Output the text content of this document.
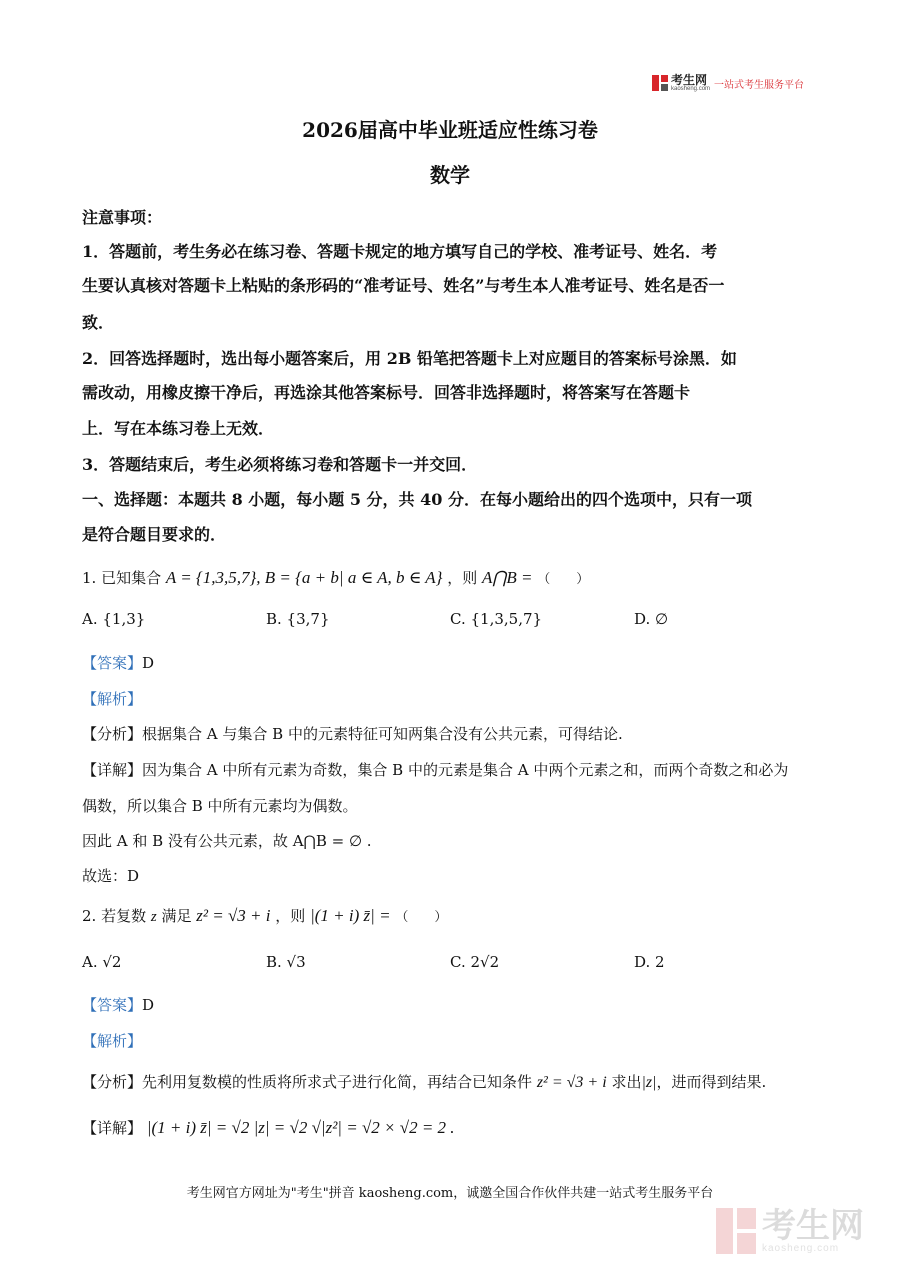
考生网
kaosheng.com 一站式考生服务平台
2026届高中毕业班适应性练习卷
数学
注意事项：
1．答题前，考生务必在练习卷、答题卡规定的地方填写自己的学校、准考证号、姓名．考
生要认真核对答题卡上粘贴的条形码的“准考证号、姓名”与考生本人准考证号、姓名是否一
致．
2．回答选择题时，选出每小题答案后，用 2B 铅笔把答题卡上对应题目的答案标号涂黑．如
需改动，用橡皮擦干净后，再选涂其他答案标号．回答非选择题时，将答案写在答题卡
上．写在本练习卷上无效．
3．答题结束后，考生必须将练习卷和答题卡一并交回．
一、选择题：本题共 8 小题，每小题 5 分，共 40 分．在每小题给出的四个选项中，只有一项
是符合题目要求的．
1. 已知集合 A = {1,3,5,7}, B = {a + b| a ∈ A, b ∈ A} ，则 A⋂B = （　　）
A. {1,3}	B. {3,7}	C. {1,3,5,7}	D. ∅
【答案】D
【解析】
【分析】根据集合 A 与集合 B 中的元素特征可知两集合没有公共元素，可得结论.
【详解】因为集合 A 中所有元素为奇数，集合 B 中的元素是集合 A 中两个元素之和，而两个奇数之和必为
偶数，所以集合 B 中所有元素均为偶数。
因此 A 和 B 没有公共元素，故 A⋂B = ∅ .
故选：D
2. 若复数 z 满足 z² = √3 + i ，则 |(1 + i) z̄| = （　　）
A. √2	B. √3	C. 2√2	D. 2
【答案】D
【解析】
【分析】先利用复数模的性质将所求式子进行化简，再结合已知条件 z² = √3 + i 求出|z|，进而得到结果.
【详解】 |(1 + i) z̄| = √2 |z| = √2 √|z²| = √2 × √2 = 2 .
考生网官方网址为"考生"拼音 kaosheng.com，诚邀全国合作伙伴共建一站式考生服务平台
考生网
kaosheng.com
